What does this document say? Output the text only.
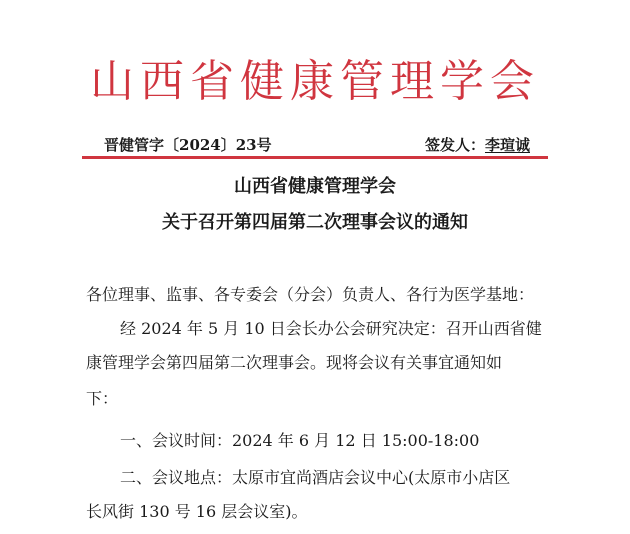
山西省健康管理学会
晋健管字〔2024〕23号	签发人：李瑄诚
山西省健康管理学会
关于召开第四届第二次理事会议的通知
各位理事、监事、各专委会（分会）负责人、各行为医学基地：
经 2024 年 5 月 10 日会长办公会研究决定：召开山西省健
康管理学会第四届第二次理事会。现将会议有关事宜通知如
下：
一、会议时间：2024 年 6 月 12 日 15:00-18:00
二、会议地点：太原市宜尚酒店会议中心(太原市小店区
长风街 130 号 16 层会议室)。
